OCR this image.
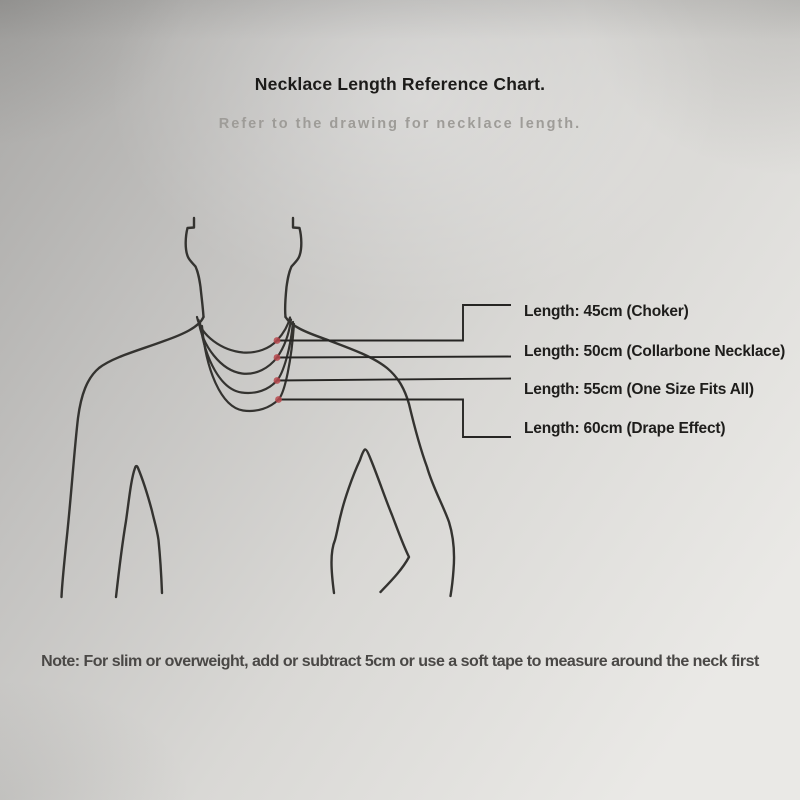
Necklace Length Reference Chart.
Refer to the drawing for necklace length.
Length: 45cm (Choker)
Length: 50cm (Collarbone Necklace)
Length: 55cm (One Size Fits All)
Length: 60cm (Drape Effect)
Note: For slim or overweight, add or subtract 5cm or use a soft tape to measure around the neck first
